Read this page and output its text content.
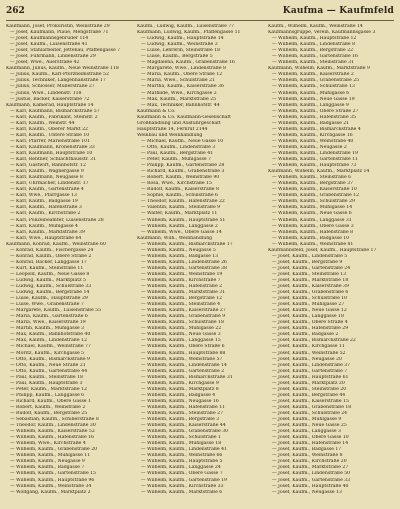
262	Kaufma — Kaufmfeld
Kaufmann, Josef, Prokuristin, Weinstraße 29
— Josef, Kaufmann, Plaue, Mengstraße 71
— Josef, Kaufmannsgebruder 114
— Josef, Kaufm., Luisenstraße 41
— Josef, Stahlarbeiter, Jettenau, Pfaffengasse 7
— Josef, Fuhrmann, Lindenstraße 29
— Josef, Wwe., Auerstraße 42
Kaufmann, Julius, Kaufm., Neue Weinstraße 118
— Julius, Kaufm., Karl-Pforzheimstraße 52
— Julius, Techniker, Langenhanstraße 17
— Julius, Schlosser, Müllerstraße 27
— Julius, Wwe., Lindenstr. 118
— Justus, Bäcker, Kaiserstraße 72
Kaufmann, Kamerad, Hauptstraße 14
— Karl, Kaufmann, Bismarckstraße 57
— Karl, Kaufm., Fabrikant, Steinstr. 2
— Karl, Kaufm., Weinstr. 44
— Karl, Kaufm., Oberer Markt 22
— Karl, Kaufm., Untere Straße 10
— Karl, Pfarrer, Marienstraße 101
— Karl, Kaufmann, Kronenstraße 33
— Karl, Kaufmann, Hauptstraße 10
— Karl, Rentner, Schlachthausstr. 31
— Karl, Gastwirt, Bahnhofstr. 12
— Karl, Kaufm., Wagnergasse 9
— Karl, Kaufmann, Neugasse 8
— Karl, Uhrmacher, Lindenstr. 17
— Karl, Kaufm., Gartenstraße 4
— Karl, Wwe., Pfarrgasse 13
— Karl, Kaufm., Badgasse 19
— Karl, Kaufm., Hafenstraße 3
— Karl, Kaufm., Kirchstraße 2
— Karl, Polizeibeamter, Luisenstraße 28
— Karl, Kaufm., Mühlgasse 4
— Karl, Kaufm., Marktstraße 39
— Karl, Wwe., Hauptstraße 64
Kaufmann, Konrad, Kaufm., Weinstraße 60
— Konrad, Kaufm., Fischergasse 24
— Konrad, Kaufm., Obere Straße 2
— Konrad, Bäcker, Langgasse 17
— Kurt, Kaufm., Steinstraße 11
— Leopold, Kaufm., Neue Gasse 8
— Ludwig, Kaufm., Marktplatz 5
— Ludwig, Kaufm., Schulstraße 33
— Ludwig, Kaufm., Bergstraße 14
— Luise, Kaufm., Hauptstraße 29
— Luise, Wwe., Grabenstraße 7
— Margarete, Kaufm., Luisenstraße 55
— Maria, Kaufm., Gartenstraße 6
— Maria, Wwe., Kaiserstraße 19
— Martin, Kaufm., Mühlgasse 3
— Max, Kaufm., Bahnhofstraße 40
— Max, Kaufm., Lindenstraße 12
— Michael, Kaufm., Weinstraße 77
— Moritz, Kaufm., Kirchgasse 5
— Otto, Kaufm., Bismarckstraße 9
— Otto, Kaufm., Neue Straße 21
— Otto, Kaufm., Gartenstraße 44
— Paul, Kaufm., Steinstraße 18
— Paul, Kaufm., Hauptstraße 3
— Peter, Kaufm., Marktstraße 12
— Philipp, Kaufm., Langgasse 6
— Richard, Kaufm., Obere Gasse 1
— Robert, Kaufm., Weinstraße 2
— Rudolf, Kaufm., Bergstraße 25
— Sebastian, Kaufm., Schillerstraße 8
— Theodor, Kaufm., Lindenstraße 30
— Wilhelm, Kaufm., Kaiserstraße 52
— Wilhelm, Kaufm., Hafenstraße 16
— Wilhelm, Wwe., Kirchstraße 4
— Wilhelm, Kaufm., Grabenstraße 20
— Wilhelm, Kaufm., Mühlgasse 11
— Wilhelm, Kaufm., Neugasse 9
— Wilhelm, Kaufm., Badgasse 7
— Wilhelm, Kaufm., Gartenstraße 15
— Wilhelm, Kaufm., Hauptstraße 96
— Wilhelm, Kaufm., Weinstraße 34
— Wolfgang, Kaufm., Marktplatz 2
Kaufm., Ludwig, Kaufm., Luisenstraße 77
Kaufmann, Ludwig, Kaufm., Pfaffengasse 11
— Ludwig, Kaufm., Hauptstraße 14
— Ludwig, Kaufm., Weinstraße 3
— Luise, Lehrerin, Steinstraße 18
— Luise, Kaufm., Bergstraße 5
— Magdalena, Kaufm., Grabenstraße 16
— Margarete, Wwe., Lindenstraße 8
— Maria, Kaufm., Obere Straße 12
— Maria, Wwe., Schulstraße 21
— Martha, Kaufm., Kaiserstraße 36
— Mathilde, Wwe., Kirchgasse 2
— Max, Kaufm., Marktstraße 25
— Max, Techniker, Bahnhofstr. 44
Kaufmann & Co.
Kaufmann & Co. Kaufmann-Gesellschaft
Großhandlung und Ausfuhrgeschäft
Hauptstraße 14, Fernruf 2144
Weinbau und Weinhandlung
— Michael, Kaufm., Neue Gasse 10
— Otto, Kaufm., Lindenstraße 3
— Paul, Kaufm., Bergstraße 41
— Peter, Kaufm., Mühlgasse 7
— Philipp, Kaufm., Gartenstraße 28
— Richard, Kaufm., Grabenstraße 3
— Robert, Kaufm., Weinstraße 90
— Rosa, Wwe., Kirchstraße 15
— Rudolf, Kaufm., Kaiserstraße 8
— Sophie, Kaufm., Schulstraße 6
— Theodor, Kaufm., Hafenstraße 22
— Valentin, Kaufm., Steinstraße 9
— Walter, Kaufm., Marktplatz 11
— Wilhelm, Kaufm., Hauptstraße 51
— Wilhelm, Kaufm., Langgasse 2
— Wilhelm, Wwe., Obere Gasse 14
Kaufmann, Wilh., Weinhandlung
— Wilhelm, Kaufm., Bismarckstraße 17
— Wilhelm, Kaufm., Neugasse 5
— Wilhelm, Kaufm., Badgasse 13
— Wilhelm, Kaufm., Lindenstraße 26
— Wilhelm, Kaufm., Gartenstraße 38
— Wilhelm, Kaufm., Weinstraße 19
— Wilhelm, Kaufm., Kirchstraße 7
— Wilhelm, Kaufm., Hafenstraße 2
— Wilhelm, Kaufm., Marktstraße 31
— Wilhelm, Kaufm., Bergstraße 12
— Wilhelm, Kaufm., Steinstraße 4
— Wilhelm, Kaufm., Kaiserstraße 27
— Wilhelm, Kaufm., Grabenstraße 9
— Wilhelm, Kaufm., Schulstraße 18
— Wilhelm, Kaufm., Mühlgasse 22
— Wilhelm, Kaufm., Neue Gasse 3
— Wilhelm, Kaufm., Langgasse 15
— Wilhelm, Kaufm., Obere Straße 6
— Wilhelm, Kaufm., Hauptstraße 88
— Wilhelm, Kaufm., Weinstraße 57
— Wilhelm, Kaufm., Lindenstraße 14
— Wilhelm, Kaufm., Gartenstraße 2
— Wilhelm, Kaufm., Bismarckstraße 31
— Wilhelm, Kaufm., Kirchgasse 9
— Wilhelm, Kaufm., Marktplatz 8
— Wilhelm, Kaufm., Badgasse 4
— Wilhelm, Kaufm., Neugasse 16
— Wilhelm, Kaufm., Hafenstraße 11
— Wilhelm, Kaufm., Steinstraße 27
— Wilhelm, Kaufm., Bergstraße 3
— Wilhelm, Kaufm., Kaiserstraße 44
— Wilhelm, Kaufm., Grabenstraße 30
— Wilhelm, Kaufm., Schulstraße 1
— Wilhelm, Kaufm., Mühlgasse 18
— Wilhelm, Kaufm., Lindenstraße 41
— Wilhelm, Kaufm., Weinstraße 66
— Wilhelm, Kaufm., Hauptstraße 5
— Wilhelm, Kaufm., Langgasse 24
— Wilhelm, Kaufm., Obere Gasse 7
— Wilhelm, Kaufm., Gartenstraße 19
— Wilhelm, Kaufm., Kirchstraße 33
— Wilhelm, Kaufm., Marktstraße 6
Kaufm., Wilhelm, Kaufm., Weinstraße 14
Kaufmannsgruppe, Verein, Kaufmannsgasse 3
— Wilhelm, Kaufm., Hauptstraße 12
— Wilhelm, Kaufm., Lindenstraße 8
— Wilhelm, Kaufm., Bergstraße 22
— Wilhelm, Kaufm., Gartenstraße 16
— Wilhelm, Kaufm., Steinstraße 31
Kaufmann, Wilhelm, Kaufm., Marktstraße 9
— Wilhelm, Kaufm., Kaiserstraße 2
— Wilhelm, Kaufm., Grabenstraße 25
— Wilhelm, Kaufm., Schulstraße 13
— Wilhelm, Kaufm., Mühlgasse 6
— Wilhelm, Kaufm., Neue Gasse 19
— Wilhelm, Kaufm., Langgasse 9
— Wilhelm, Kaufm., Obere Straße 27
— Wilhelm, Kaufm., Hafenstraße 35
— Wilhelm, Kaufm., Badgasse 21
— Wilhelm, Kaufm., Bismarckstraße 4
— Wilhelm, Kaufm., Kirchgasse 16
— Wilhelm, Kaufm., Weinstraße 40
— Wilhelm, Kaufm., Neugasse 2
— Wilhelm, Kaufm., Lindenstraße 19
— Wilhelm, Kaufm., Gartenstraße 11
— Wilhelm, Kaufm., Hauptstraße 73
Kaufmann, Wilhelm, Kaufm., Marktplatz 14
— Wilhelm, Kaufm., Steinstraße 6
— Wilhelm, Kaufm., Bergstraße 37
— Wilhelm, Kaufm., Kaiserstraße 10
— Wilhelm, Kaufm., Grabenstraße 12
— Wilhelm, Kaufm., Schulstraße 29
— Wilhelm, Kaufm., Mühlgasse 14
— Wilhelm, Kaufm., Neue Gasse 6
— Wilhelm, Kaufm., Langgasse 31
— Wilhelm, Kaufm., Obere Gasse 3
— Wilhelm, Kaufm., Hafenstraße 8
— Wilhelm, Kaufm., Badgasse 10
— Wilhelm, Kaufm., Weinstraße 81
Kaufmannsfeld, Josef, Kaufm., Hauptstraße 17
— Josef, Kaufm., Lindenstraße 5
— Josef, Kaufm., Bergstraße 9
— Josef, Kaufm., Gartenstraße 24
— Josef, Kaufm., Steinstraße 13
— Josef, Kaufm., Marktstraße 18
— Josef, Kaufm., Kaiserstraße 39
— Josef, Kaufm., Grabenstraße 6
— Josef, Kaufm., Schulstraße 10
— Josef, Kaufm., Mühlgasse 27
— Josef, Kaufm., Neue Gasse 12
— Josef, Kaufm., Langgasse 18
— Josef, Kaufm., Obere Straße 4
— Josef, Kaufm., Hafenstraße 29
— Josef, Kaufm., Badgasse 2
— Josef, Kaufm., Bismarckstraße 22
— Josef, Kaufm., Kirchgasse 11
— Josef, Kaufm., Weinstraße 52
— Josef, Kaufm., Neugasse 20
— Josef, Kaufm., Lindenstraße 37
— Josef, Kaufm., Gartenstraße 7
— Josef, Kaufm., Hauptstraße 61
— Josef, Kaufm., Marktplatz 20
— Josef, Kaufm., Steinstraße 20
— Josef, Kaufm., Bergstraße 44
— Josef, Kaufm., Kaiserstraße 15
— Josef, Kaufm., Grabenstraße 18
— Josef, Kaufm., Schulstraße 24
— Josef, Kaufm., Mühlgasse 9
— Josef, Kaufm., Neue Gasse 25
— Josef, Kaufm., Langgasse 3
— Josef, Kaufm., Obere Gasse 10
— Josef, Kaufm., Hafenstraße 14
— Josef, Kaufm., Badgasse 17
— Josef, Kaufm., Weinstraße 8
— Josef, Kaufm., Kirchstraße 20
— Josef, Kaufm., Marktstraße 27
— Josef, Kaufm., Lindenstraße 50
— Josef, Kaufm., Gartenstraße 33
— Josef, Kaufm., Hauptstraße 40
— Josef, Kaufm., Neugasse 13
